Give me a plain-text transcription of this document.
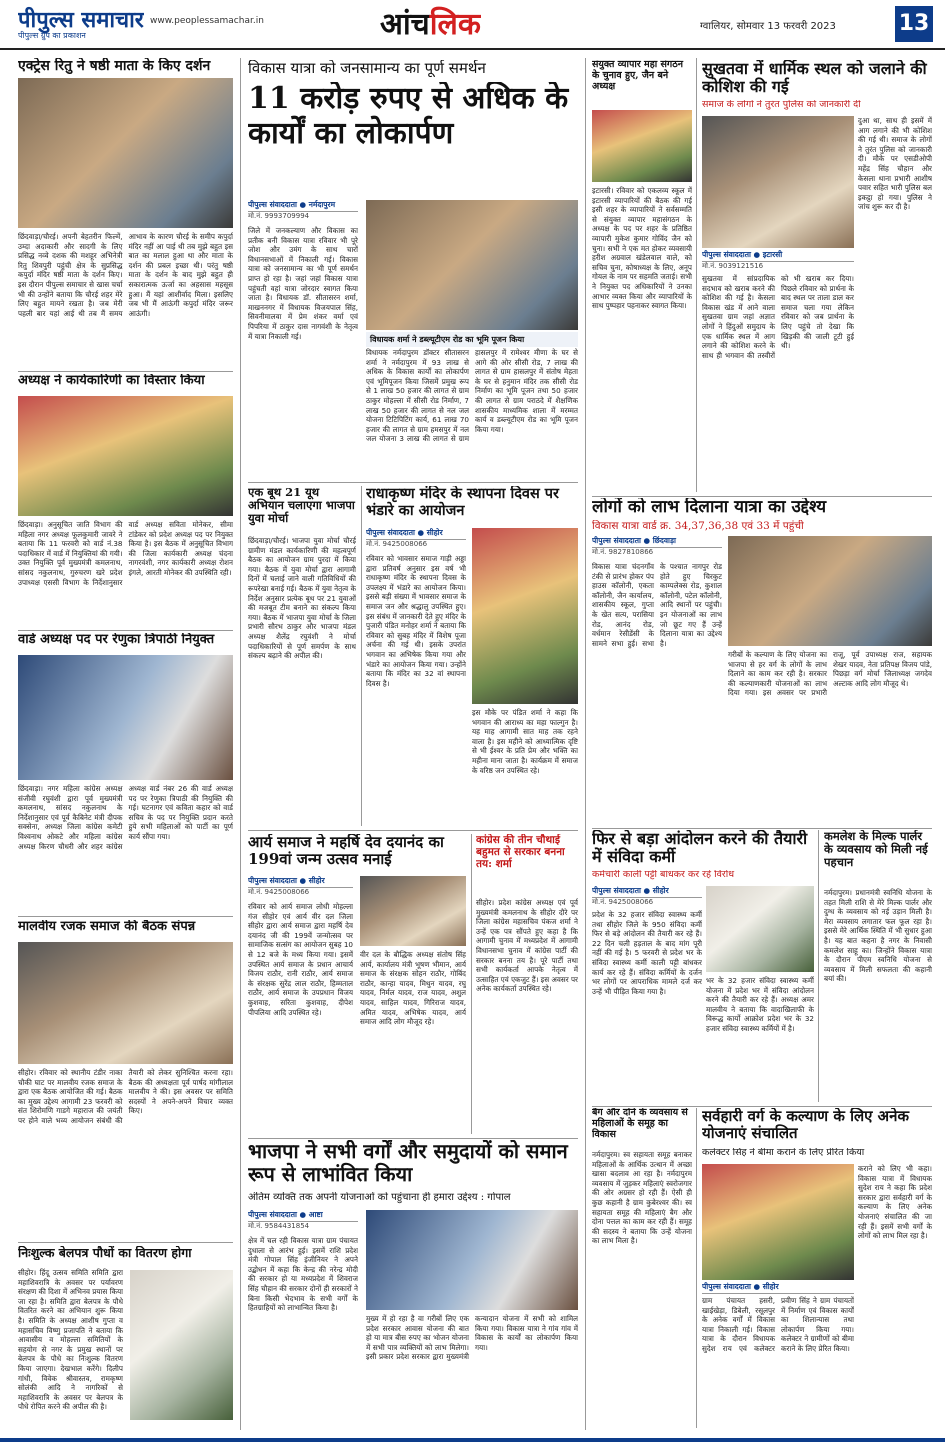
पीपुल्स समाचार
पीपुल्स ग्रुप का प्रकाशन
www.peoplessamachar.in	आंचलिक	ग्वालियर, सोमवार 13 फरवरी 2023	13
एक्ट्रेस रितु ने षष्ठी माता के किए दर्शन
छिंदवाड़ा/चौरई। अपनी बेहतरीन फिल्में, उम्दा अदाकारी और सादगी के लिए प्रसिद्ध नव्वे दशक की मशहूर अभिनेत्री रितु शिवपुरी पहुंची क्षेत्र के सुप्रसिद्ध कपुर्दा मंदिर षष्ठी माता के दर्शन किए। इस दौरान पीपुल्स समाचार से खास चर्चा भी की उन्होंने बताया कि चौरई शहर मेरे लिए बहुत मायने रखता है। जब मेरी पहली बार यहां आई थी तब मैं समय आभाव के कारण चौरई के समीप कपुर्दा मंदिर नहीं आ पाई थी तब मुझे बहुत इस बात का मलाल हुआ था और माता के दर्शन की प्रबल इच्छा थी। परंतु षष्ठी माता के दर्शन के बाद मुझे बहुत ही सकारात्मक ऊर्जा का अहसास महसूस हुआ। मैं यहां आशीर्वाद मिला। इसलिए जब भी मैं आऊंगी कपुर्दा मंदिर जरूर आऊंगी।
अध्यक्ष ने कार्यकारिणी का विस्तार किया
छिंदवाड़ा। अनुसूचित जाति विभाग की महिला नगर अध्यक्ष फूलकुमारी जावरे ने बताया कि 11 फरवरी को वार्ड नं.38 पदाधिकार में वार्ड में नियुक्तियां की गयी। उक्त नियुक्ति पूर्व मुख्यमंत्री कमलनाथ, सांसद नकुलनाथ, गुरुचरण खरे प्रदेश उपाध्यक्ष एससी विभाग के निर्देशानुसार वार्ड अध्यक्ष सविता मोनेकर, सीमा टांडेकर को प्रदेश अध्यक्ष पद पर नियुक्त किया है। इस बैठक में अनुसूचित विभाग की जिला कार्यकारी अध्यक्ष चंदना नागरवंशी, नगर कार्यकारी अध्यक्ष रोशन इंगले, आरती मोनेकर की उपस्थिति रही।
वार्ड अध्यक्ष पद पर रेणुका त्रिपाठी नियुक्त
छिंदवाड़ा। नगर महिला कांग्रेस अध्यक्ष संजीवी रघुवंशी द्वारा पूर्व मुख्यमंत्री कमलनाथ, सांसद नकुलनाथ के निर्देशानुसार एवं पूर्व कैबिनेट मंत्री दीपक सक्सेना, अध्यक्ष जिला कांग्रेस कमेटी विश्वनाथ ओकटे और महिला कांग्रेस अध्यक्ष किरण चौधरी और शहर कांग्रेस अध्यक्ष वार्ड नंबर 26 की वार्ड अध्यक्ष पद पर रेणुका त्रिपाठी की नियुक्ति की गई। घटनागर एवं कविता कहार को वार्ड सचिव के पद पर नियुक्ति प्रदान करते हुये सभी महिलाओं को पार्टी का पूर्ण कार्य सौंपा गया।
मालवीय रजक समाज की बैठक संपन्न
सीहोर। रविवार को स्थानीय टंडीर नाका चौकी घाट पर मालवीय रजक समाज के द्वारा एक बैठक आयोजित की गई। बैठक का मुख्य उद्देश्य आगामी 23 फरवरी को संत शिरोमणि गाडगे महाराज की जयंती पर होने वाले भव्य आयोजन संबंधी की तैयारी को लेकर सुनिश्चित करना रहा। बैठक की अध्यक्षता पूर्व पार्षद मांगीलाल मालवीय ने की। इस अवसर पर समिति सदस्यों ने अपने-अपने विचार व्यक्त किए।
निःशुल्क बेलपत्र पौधों का वितरण होगा
सीहोर। हिंदू उत्सव समिति समिति द्वारा महाशिवरात्रि के अवसर पर पर्यावरण संरक्षण की दिशा में अभिनव प्रयास किया जा रहा है। समिति द्वारा बेलपत्र के पौधे वितरित करने का अभियान शुरू किया है। समिति के अध्यक्ष आशीष गुप्ता व महासचिव विष्णु प्रजापति ने बताया कि आवासीय व मोहल्ला समितियों के सहयोग से नगर के प्रमुख स्थानों पर बेलपत्र के पौधे का निःशुल्क वितरण किया जाएगा। देखभाल करेंगे। दिलीप गांधी, विवेक श्रीवास्तव, रामकृष्ण सोलंकी आदि ने नागरिकों से महाशिवरात्रि के अवसर पर बेलपत्र के पौधे रोपित करने की अपील की है।
विकास यात्रा को जनसामान्य का पूर्ण समर्थन
11 करोड़ रुपए से अधिक के कार्यों का लोकार्पण
पीपुल्स संवाददाता ● नर्मदापुरम
मो.नं. 9993709994
जिले में जनकल्याण और विकास का प्रतीक बनी विकास यात्रा रविवार भी पूरे जोश और उमंग के साथ चारों विधानसभाओं में निकाली गई। विकास यात्रा को जनसामान्य का भी पूर्ण समर्थन प्राप्त हो रहा है। जहां जहां विकास यात्रा पहुंचती वहां यात्रा जोरदार स्वागत किया जाता है। विधायक डॉ. सीतासरन शर्मा, माखननगर में विधायक विजयपाल सिंह, सिवनीमालवा में प्रेम शंकर वर्मा एवं पिपरिया में ठाकुर दास नागवंशी के नेतृत्व में यात्रा निकाली गई।	विधायक शर्मा ने डब्ल्यूटीएम रोड का भूमि पूजन किया
विधायक नर्मदापुरम डॉक्टर सीतासरन शर्मा ने नर्मदापुरम में 93 लाख से अधिक के विकास कार्यों का लोकार्पण एवं भूमिपूजन किया जिसमें प्रमुख रूप से 1 लाख 50 हजार की लागत से ग्राम ठाकुर मोहल्ला में सीसी रोड निर्माण, 7 लाख 50 हजार की लागत से नल जल योजना टिटिपिटिंग कार्य, 61 लाख 70 हजार की लागत से ग्राम हमसपुर में नल जल योजना 3 लाख की लागत से ग्राम हासलपुर में रामेश्वर मीणा के घर से आगे की ओर सीसी रोड, 7 लाख की लागत से ग्राम हासलपुर में संतोष मेहता के घर से हनुमान मंदिर तक सीसी रोड निर्माण का भूमि पूजन तथा 50 हजार की लागत से ग्राम पराठदे में शैक्षणिक शासकीय माध्यमिक शाला में मरम्मत कार्य व डब्ल्यूटीएम रोड का भूमि पूजन किया गया।
एक बूथ 21 यूथ अभियान चलाएगा भाजपा युवा मोर्चा
छिंदवाड़ा/चौरई। भाजपा युवा मोर्चा चौरई ग्रामीण मंडल कार्यकारिणी की महत्वपूर्ण बैठक का आयोजन ग्राम पुरदा में किया गया। बैठक में युवा मोर्चा द्वारा आगामी दिनों में चलाई जाने वाली गतिविधियों की रूपरेखा बनाई गई। बैठक में युवा नेतृत्व के निर्देश अनुसार प्रत्येक बूथ पर 21 युवाओं की मजबूत टीम बनाने का संकल्प किया गया। बैठक में भाजपा युवा मोर्चा के जिला प्रभारी सौरभ ठाकुर और भाजपा मंडल अध्यक्ष शैलेंद्र रघुवंशी ने मोर्चा पदाधिकारियों से पूर्ण समर्पण के साथ संकल्प बढ़ाने की अपील की।
राधाकृष्ण मंदिर के स्थापना दिवस पर भंडारे का आयोजन
पीपुल्स संवाददाता ● सीहोर
मो.नं. 9425008066
रविवार को भावसार समाज गाड़ी अड्डा द्वारा प्रतिवर्ष अनुसार इस वर्ष भी राधाकृष्ण मंदिर के स्थापना दिवस के उपलक्ष्य में भंडारे का आयोजन किया। इससे बड़ी संख्या में भावसार समाज के समाज जन और श्रद्धालु उपस्थित हुए। इस संबंध में जानकारी देते हुए मंदिर के पुजारी पंडित मनोहर शर्मा ने बताया कि रविवार को सुबह मंदिर में विशेष पूजा अर्चना की गई थी। इसके उपरांत भगवान का अभिषेक किया गया और भंडारे का आयोजन किया गया। उन्होंने बताया कि मंदिर का 32 वां स्थापना दिवस है।
इस मौके पर पंडित शर्मा ने कहा कि भगवान की आराध्य का महा फाल्गुन है। यह माह आगामी सात माह तक रहने वाला है। इस महीने को आध्यात्मिक दृष्टि से भी ईश्वर के प्रति प्रेम और भक्ति का महीना माना जाता है। कार्यक्रम में समाज के वरिष्ठ जन उपस्थित रहे।
आर्य समाज ने महर्षि देव दयानंद का 199वां जन्म उत्सव मनाई
पीपुल्स संवाददाता ● सीहोर
मो.नं. 9425008066
रविवार को आर्य समाज लोधी मोहल्ला गंज सीहोर एवं आर्य वीर दल जिला सीहोर द्वारा आर्य समाज द्वारा महर्षि देव दयानंद जी की 199वें जन्मोत्सव पर सामाजिक सत्संग का आयोजन सुबह 10 से 12 बजे के मध्य किया गया। इसमें उपस्थित आर्य समाज के प्रधान आचार्य विजय राठौर, रानी राठौर, आर्य समाज के संरक्षक सुरेंद्र लाल राठौर, हिम्मताल राठौर, आर्य समाज के उपप्रधान विजय कुशवाह, सरिता कुशवाह, दीपेश पीपलिया आदि उपस्थित रहे।
वीर दल के बौद्धिक अध्यक्ष संतोष सिंह आर्य, कार्यालय मंत्री भूषण भीमान, आर्य समाज के संरक्षक सोहन राठौर, गोबिंद राठौर, कान्हा यादव, मिथुन यादव, रघु यादव, निर्मल यादव, राज यादव, अशुल यादव, साहिल यादव, गिरिराज यादव, अमित यादव, अभिषेक यादव, आर्य समाज आदि लोग मौजूद रहे।
कांग्रेस की तीन चौथाई बहुमत से सरकार बनना तय: शर्मा
सीहोर। प्रदेश कांग्रेस अध्यक्ष एवं पूर्व मुख्यमंत्री कमलनाथ के सीहोर दौरे पर जिला कांग्रेस महासचिव पंकज शर्मा ने उन्हें एक पत्र सौंपते हुए कहा है कि आगामी चुनाव में मध्यप्रदेश में आगामी विधानसभा चुनाव में कांग्रेस पार्टी की सरकार बनना तय है। पूरे पार्टी तथा सभी कार्यकर्ता आपके नेतृत्व में उत्साहित एवं एकजुट हैं। इस अवसर पर अनेक कार्यकर्ता उपस्थित रहे।
भाजपा ने सभी वर्गों और समुदायों को समान रूप से लाभांवित किया
अंतिम व्यक्ति तक अपनी योजनाओं को पहुंचाना ही हमारा उद्देश्य : गोपाल
पीपुल्स संवाददाता ● आष्टा
मो.नं. 9584431854
क्षेत्र में चल रही विकास यात्रा ग्राम पंचायत दुधाला से आरंभ हुई। इसमें राशि प्रदेश मंत्री गोपाल सिंह इंजीनियर ने अपने उद्बोधन में कहा कि केन्द्र की नरेन्द्र मोदी की सरकार हो या मध्यप्रदेश में शिवराज सिंह चौहान की सरकार दोनों ही सरकारों ने बिना किसी भेदभाव के सभी वर्गों के हितग्राहियों को लाभान्वित किया है।
मुख्य में हो रहा है वा गरीबों लिए एक प्रदेश सरकार आवास योजना की बात हो या मात्र बीस रुपए का भोजन योजना में सभी पात्र व्यक्तियों को लाभ मिलेगा। इसी प्रकार प्रदेश सरकार द्वारा मुख्यमंत्री कन्यादान योजना में सभी को शामिल किया गया। विकास यात्रा ने गांव गांव में विकास के कार्यों का लोकार्पण किया गया।
संयुक्त व्यापार महा संगठन के चुनाव हुए, जैन बने अध्यक्ष
इटारसी। रविवार को एकलव्य स्कूल में इटारसी व्यापारियों की बैठक की गई इसी शहर के व्यापारियों ने सर्वसम्मति से संयुक्त व्यापार महासंगठन के अध्यक्ष के पद पर शहर के प्रतिष्ठित व्यापारी मुकेश कुमार गोविंद जैन को चुना। सभी ने एक मत होकर व्यवसायी हरीश अग्रवाल खंडेलवाल वाले, को सचिव चुना, कोषाध्यक्ष के लिए, अनूप गोयल के नाम पर सहमति जताई। सभी ने नियुक्त पद अधिकारियों ने उनका आभार व्यक्त किया और व्यापारियों के साथ पुष्पहार पहनाकर स्वागत किया।
सुखतवा में धार्मिक स्थल को जलाने की कोशिश की गई
समाज के लोगों ने तुरंत पुलिस को जानकारी दी
पीपुल्स संवाददाता ● इटारसी
मो.नं. 9039121516
सुखतवा में सांप्रदायिक सदभाव को खराब करने की कोशिश की गई है। केसला विकास खंड में आने वाला सुखतवा ग्राम जहां अज्ञात लोगों ने हिंदुओं समुदाय के एक धार्मिक स्थल में आग लगाने की कोशिश करने के साथ ही भगवान की तस्वीरों को भी खराब कर दिया। पिछले रविवार को प्रार्थना के बाद स्थल पर ताला डाल कर समाज चला गया लेकिन रविवार को जब प्रार्थना के लिए पहुंचे तो देखा कि खिड़की की जाली टूटी हुई थी।
दुआ था, साथ ही इसमें में आग लगाने की भी कोशिश की गई थी। समाज के लोगों ने तुरंत पुलिस को जानकारी दी। मौके पर एसडीओपी महेंद्र सिंह चौहान और केसला थाना प्रभारी आशीष पवार सहित भारी पुलिस बल इकट्ठा हो गया। पुलिस ने जांच शुरू कर दी है।
लोगों को लाभ दिलाना यात्रा का उद्देश्य
विकास यात्रा वार्ड क्र. 34,37,36,38 एवं 33 में पहुंची
पीपुल्स संवाददाता ● छिंदवाड़ा
मो.नं. 9827810866
विकास यात्रा चंदनगाँव टंकी से प्रारंभ होकर पंप हाउस कॉलोनी, एकता कॉलोनी, जैन कार्यालय, शासकीय स्कूल, गुप्ता के खेत सत्य, परासिया रोड, आनंद रोड, वर्धमान रेसीडेंसी के सामने सभा हुई। सभा के पश्चात नागपुर रोड होते हुए चिरकुट काम्पलेक्स रोड, कुशाल कॉलोनी, पटेल कॉलोनी, आदि स्थानों पर पहुंची। इन योजनाओं का लाभ जो छूट गए हैं उन्हें दिलाना यात्रा का उद्देश्य है।
गरीबों के कल्याण के लिए योजना का भाजपा से हर वर्ग के लोगों के लाभ दिलाने का काम कर रही है। सरकार की कल्याणकारी योजनाओं का लाभ दिया गया। इस अवसर पर प्रभारी राजू, पूर्व उपाध्यक्ष राज, सहायक शेखर यादव, नेता प्रतिपक्ष विजय पांडे, पिछड़ा वर्ग मोर्चा जिलाध्यक्ष जगदेव अल्टाक आदि लोग मौजूद थे।
फिर से बड़ा आंदोलन करने की तैयारी में संविदा कर्मी
कर्मचारी काली पट्टी बांधकर कर रहे विरोध
पीपुल्स संवाददाता ● सीहोर
मो.नं. 9425008066
प्रदेश के 32 हजार संविदा स्वास्थ्य कर्मी तथा सीहोर जिले के 950 संविदा कर्मी फिर से बड़े आंदोलन की तैयारी कर रहे हैं। 22 दिन चली हड़ताल के बाद मांग पूरी नहीं की गई है। 5 फरवरी से प्रदेश भर के संविदा स्वास्थ्य कर्मी काली पट्टी बांधकर कार्य कर रहे हैं। संविदा कर्मियों के दर्जन भर लोगों पर आपराधिक मामले दर्ज कर उन्हें भी पीड़ित किया गया है।
भर के 32 हजार संविदा स्वास्थ्य कर्मी योजना में प्रदेश भर में संविदा आंदोलन करने की तैयारी कर रहे हैं। अध्यक्ष अमर मालवीय ने बताया कि वादाखिलाफी के विरूद्ध कार्यो आक्रोश प्रदेश भर के 32 हजार संविदा स्वास्थ्य कर्मियों में है।
कमलेश के मिल्क पार्लर के व्यवसाय को मिली नई पहचान
नर्मदापुरम। प्रधानमंत्री स्वनिधि योजना के तहत मिली राशि से मेरे मिल्क पार्लर और दुग्ध के व्यवसाय को नई उड़ान मिली है। मेरा व्यवसाय लगातार फल फूल रहा है। इससे मेरे आर्थिक स्थिति में भी सुधार हुआ है। यह बात कहना है नगर के निवासी कमलेश साहू का। जिन्होंने विकास यात्रा के दौरान पीएम स्वनिधि योजना से व्यवसाय में मिली सफलता की कहानी बयां की।
बैग और दोने के व्यवसाय से महिलाओं के समूह का विकास
नर्मदापुरम। स्व सहायता समूह बनाकर महिलाओं के आर्थिक उत्थान में अच्छा खासा बदलाव आ रहा है। नर्मदापुरम व्यवसाय में जुड़कर महिलाएं स्वरोजगार की ओर अग्रसर हो रही हैं। ऐसी ही कुछ कहानी है ग्राम कुबेरश्वर की। स्व सहायता समूह की महिलाएं बैग और दोना पत्तल का काम कर रही हैं। समूह की सदस्य ने बताया कि उन्हें योजना का लाभ मिला है।
सर्वहारी वर्ग के कल्याण के लिए अनेक योजनाएं संचालित
कलेक्टर सिंह ने बीमा कराने के लिए प्रेरित किया
पीपुल्स संवाददाता ● सीहोर
ग्राम पंचायत हसरी, खाईखेड़ा, डिबेली, रसूलपुर के अनेक वर्गों में विकास यात्रा निकाली गई। विकास यात्रा के दौरान विधायक सुदेश राय एवं कलेक्टर प्रवीण सिंह ने ग्राम पंचायतों में निर्माण एवं विकास कार्यों का शिलान्यास तथा लोकार्पण किया गया। कलेक्टर ने ग्रामीणों को बीमा कराने के लिए प्रेरित किया।
कराने को लिए भी कहा। विकास यात्रा में विधायक सुदेश राय ने कहा कि प्रदेश सरकार द्वारा सर्वहारी वर्ग के कल्याण के लिए अनेक योजनाएं संचालित की जा रही हैं। इसमें सभी वर्गों के लोगों को लाभ मिल रहा है।
